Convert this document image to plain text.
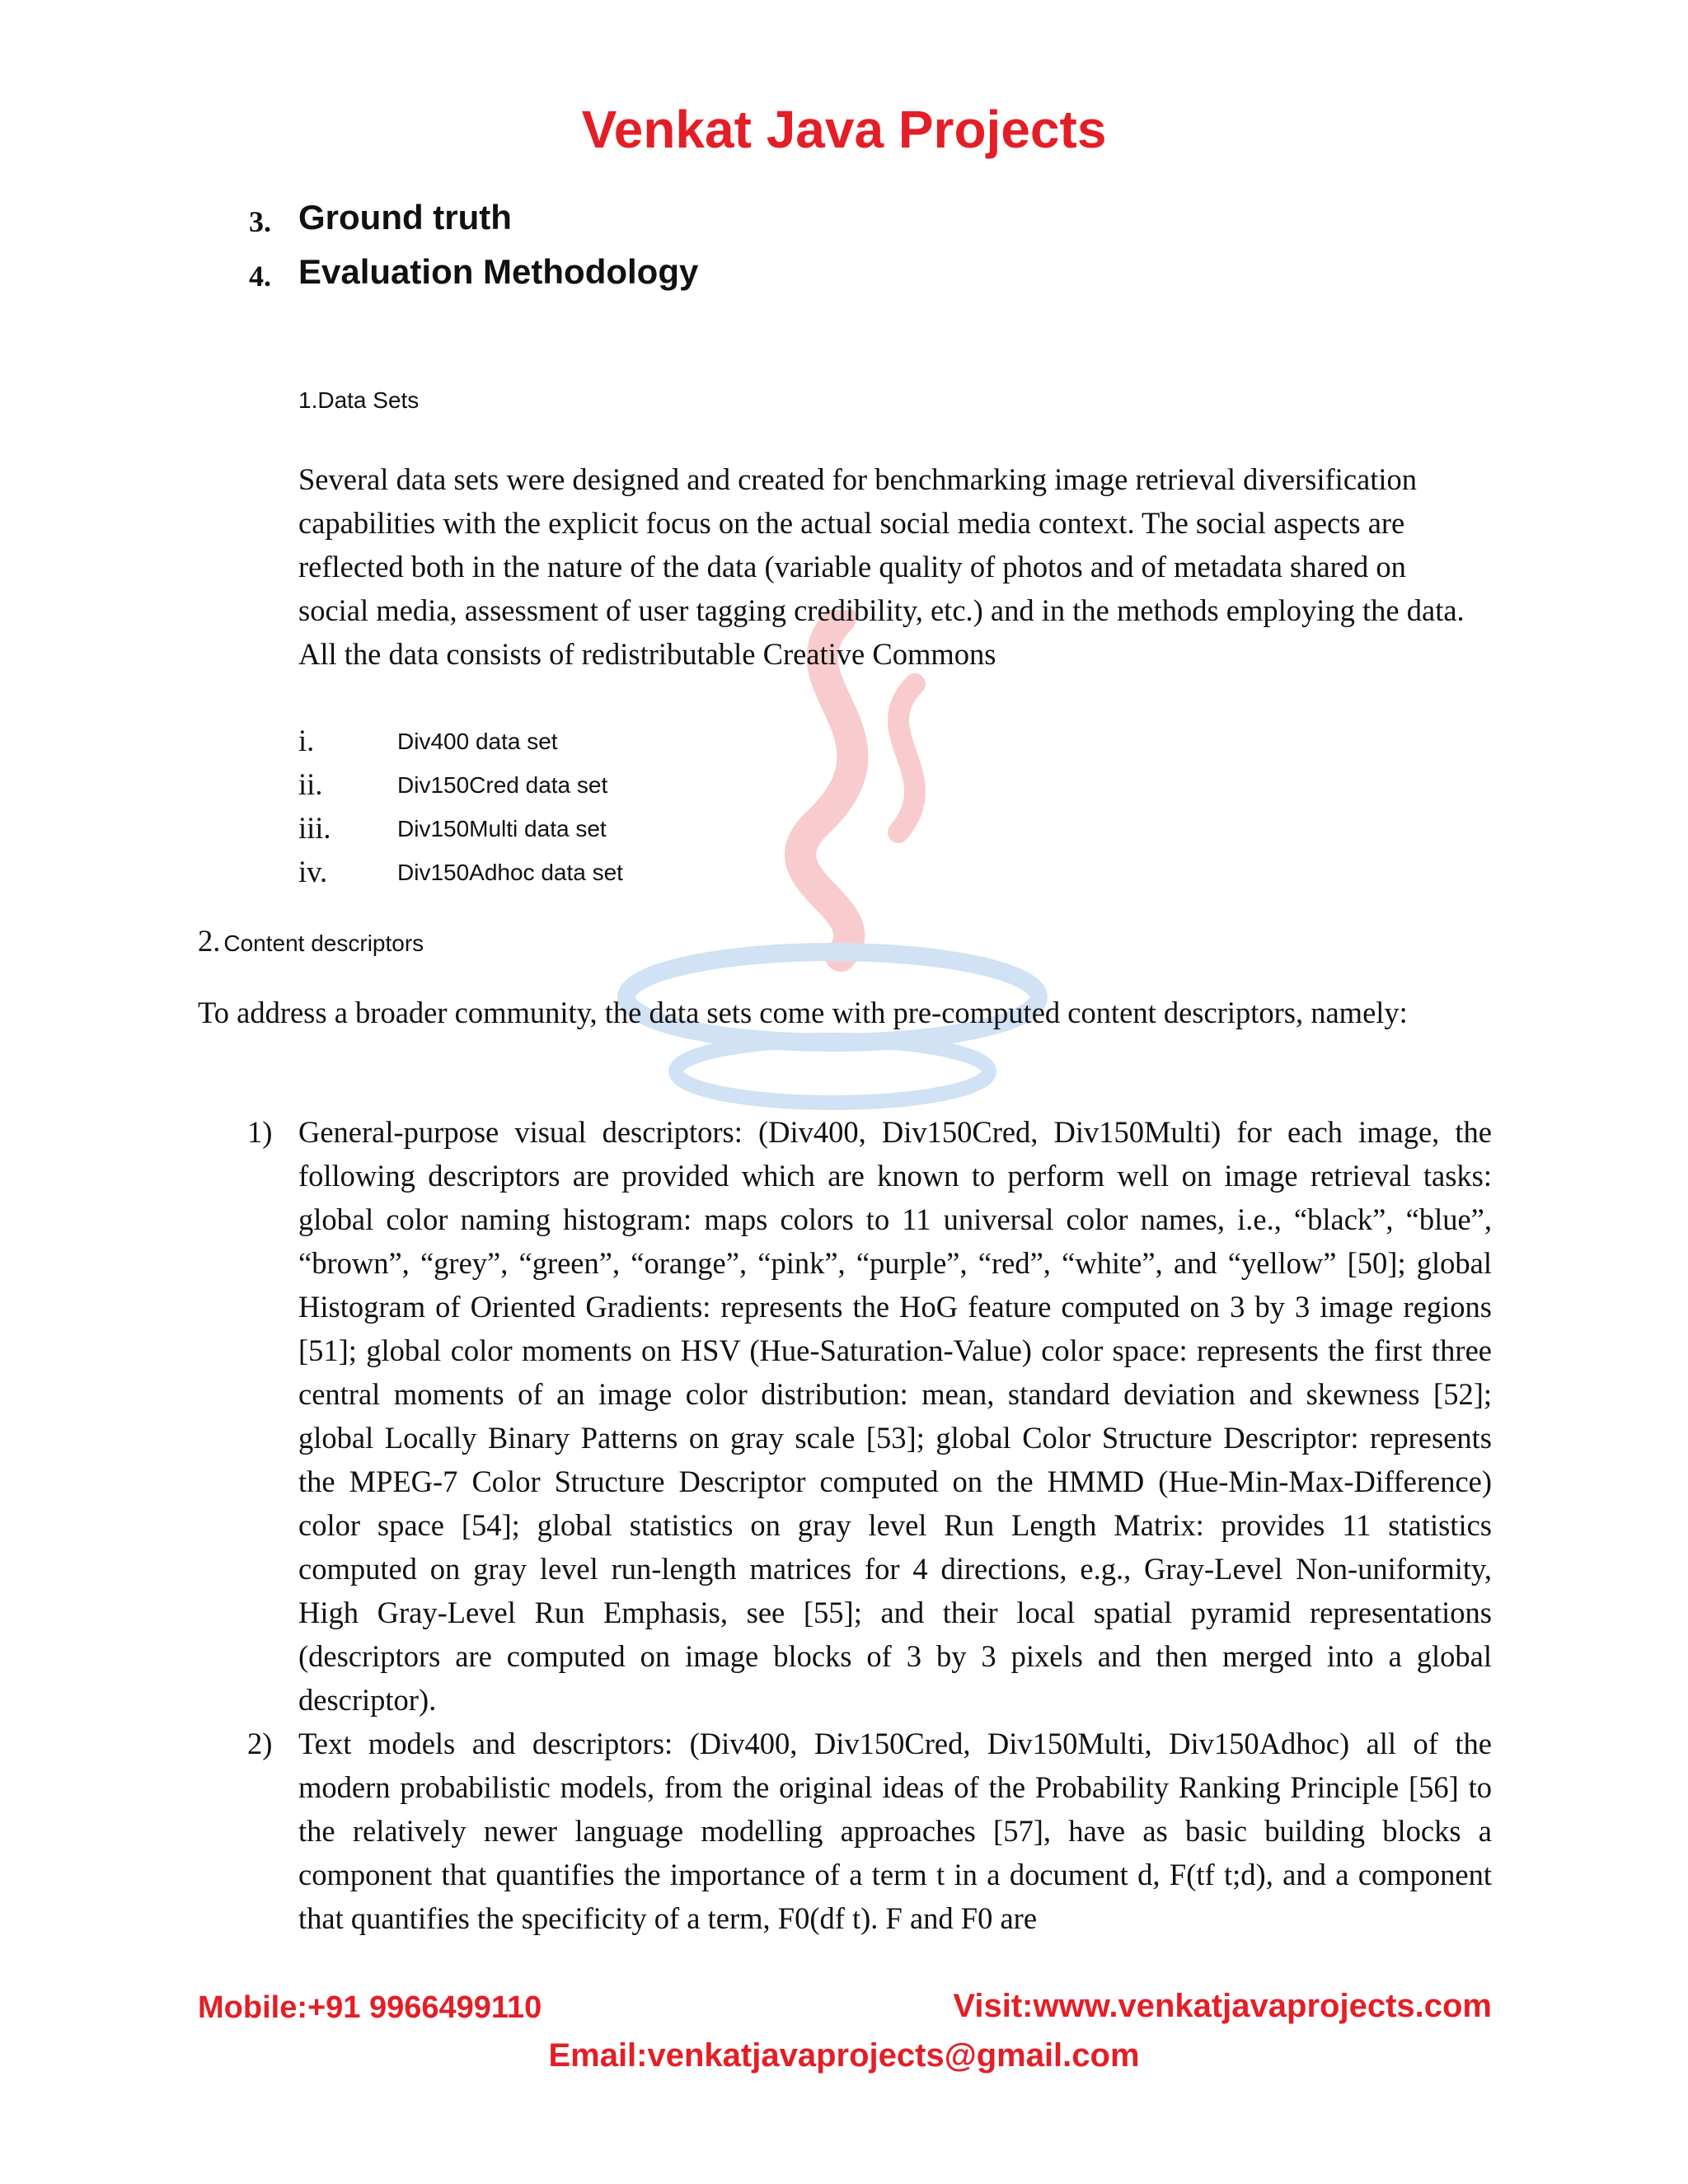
Venkat Java Projects
3. Ground truth
4. Evaluation Methodology
1.Data Sets

Several data sets were designed and created for benchmarking image retrieval diversification capabilities with the explicit focus on the actual social media context. The social aspects are reflected both in the nature of the data (variable quality of photos and of metadata shared on social media, assessment of user tagging credibility, etc.) and in the methods employing the data. All the data consists of redistributable Creative Commons

i.	Div400 data set
ii.	Div150Cred data set
iii.	Div150Multi data set
iv.	Div150Adhoc data set
2. Content descriptors

To address a broader community, the data sets come with pre-computed content descriptors, namely:

1) General-purpose visual descriptors: (Div400, Div150Cred, Div150Multi) for each image, the following descriptors are provided which are known to perform well on image retrieval tasks: global color naming histogram: maps colors to 11 universal color names, i.e., “black”, “blue”, “brown”, “grey”, “green”, “orange”, “pink”, “purple”, “red”, “white”, and “yellow” [50]; global Histogram of Oriented Gradients: represents the HoG feature computed on 3 by 3 image regions [51]; global color moments on HSV (Hue-Saturation-Value) color space: represents the first three central moments of an image color distribution: mean, standard deviation and skewness [52]; global Locally Binary Patterns on gray scale [53]; global Color Structure Descriptor: represents the MPEG-7 Color Structure Descriptor computed on the HMMD (Hue-Min-Max-Difference) color space [54]; global statistics on gray level Run Length Matrix: provides 11 statistics computed on gray level run-length matrices for 4 directions, e.g., Gray-Level Non-uniformity, High Gray-Level Run Emphasis, see [55]; and their local spatial pyramid representations (descriptors are computed on image blocks of 3 by 3 pixels and then merged into a global descriptor).
2) Text models and descriptors: (Div400, Div150Cred, Div150Multi, Div150Adhoc) all of the modern probabilistic models, from the original ideas of the Probability Ranking Principle [56] to the relatively newer language modelling approaches [57], have as basic building blocks a component that quantifies the importance of a term t in a document d, F(tf t;d), and a component that quantifies the specificity of a term, F0(df t). F and F0 are
Mobile:+91 9966499110	Visit:www.venkatjavaprojects.com
Email:venkatjavaprojects@gmail.com
